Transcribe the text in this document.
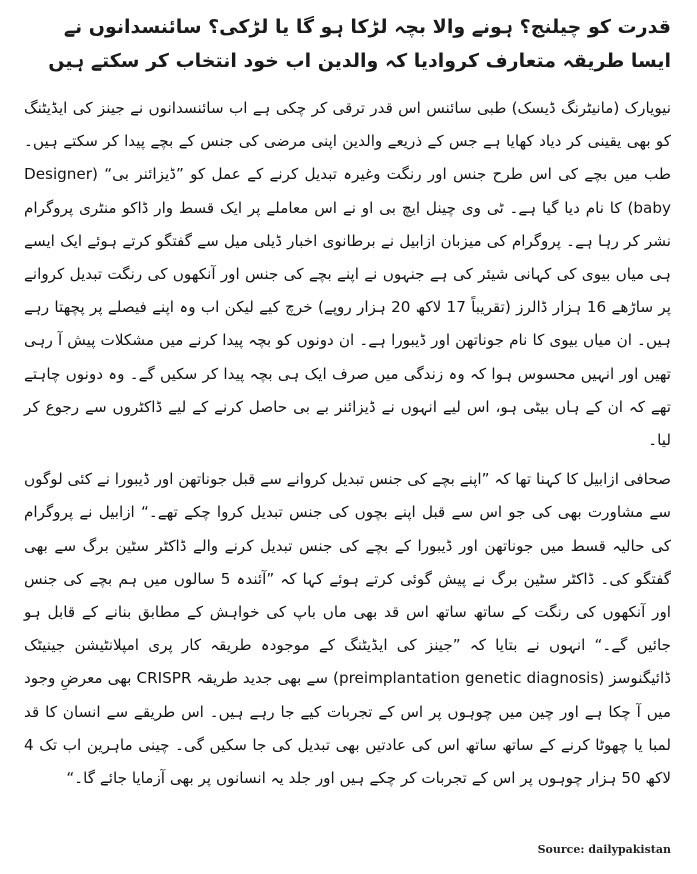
قدرت کو چیلنج؟ ہونے والا بچہ لڑکا ہو گا یا لڑکی؟ سائنسدانوں نے ایسا طریقہ متعارف کروادیا کہ والدین اب خود انتخاب کر سکتے ہیں

نیویارک (مانیٹرنگ ڈیسک) طبی سائنس اس قدر ترقی کر چکی ہے اب سائنسدانوں نے جینز کی ایڈیٹنگ کو بھی یقینی کر دیاد کھایا ہے جس کے ذریعے والدین اپنی مرضی کی جنس کے بچے پیدا کر سکتے ہیں۔ طب میں بچے کی اس طرح جنس اور رنگت وغیرہ تبدیل کرنے کے عمل کو ”ڈیزائنر بی“ (Designer baby) کا نام دیا گیا ہے۔ ٹی وی چینل ایچ بی او نے اس معاملے پر ایک قسط وار ڈاکو منٹری پروگرام نشر کر رہا ہے۔ پروگرام کی میزبان ازابیل نے برطانوی اخبار ڈیلی میل سے گفتگو کرتے ہوئے ایک ایسے ہی میاں بیوی کی کہانی شیئر کی ہے جنہوں نے اپنے بچے کی جنس اور آنکھوں کی رنگت تبدیل کروانے پر ساڑھے 16 ہزار ڈالرز (تقریباً 17 لاکھ 20 ہزار روپے) خرچ کیے لیکن اب وہ اپنے فیصلے پر پچھتا رہے ہیں۔ ان میاں بیوی کا نام جوناتھن اور ڈیبورا ہے۔ ان دونوں کو بچہ پیدا کرنے میں مشکلات پیش آ رہی تھیں اور انہیں محسوس ہوا کہ وہ زندگی میں صرف ایک ہی بچہ پیدا کر سکیں گے۔ وہ دونوں چاہتے تھے کہ ان کے ہاں بیٹی ہو، اس لیے انہوں نے ڈیزائنر بے بی حاصل کرنے کے لیے ڈاکٹروں سے رجوع کر لیا۔

صحافی ازابیل کا کہنا تھا کہ ”اپنے بچے کی جنس تبدیل کروانے سے قبل جوناتھن اور ڈیبورا نے کئی لوگوں سے مشاورت بھی کی جو اس سے قبل اپنے بچوں کی جنس تبدیل کروا چکے تھے۔“ ازابیل نے پروگرام کی حالیہ قسط میں جوناتھن اور ڈیبورا کے بچے کی جنس تبدیل کرنے والے ڈاکٹر سٹین برگ سے بھی گفتگو کی۔ ڈاکٹر سٹین برگ نے پیش گوئی کرتے ہوئے کہا کہ ”آئندہ 5 سالوں میں ہم بچے کی جنس اور آنکھوں کی رنگت کے ساتھ ساتھ اس قد بھی ماں باپ کی خواہش کے مطابق بنانے کے قابل ہو جائیں گے۔“ انہوں نے بتایا کہ ”جینز کی ایڈیٹنگ کے موجودہ طریقہ کار پری امپلانٹیشن جینیٹک ڈائیگنوسز (preimplantation genetic diagnosis) سے بھی جدید طریقہ CRISPR بھی معرضِ وجود میں آ چکا ہے اور چین میں چوہوں پر اس کے تجربات کیے جا رہے ہیں۔ اس طریقے سے انسان کا قد لمبا یا چھوٹا کرنے کے ساتھ ساتھ اس کی عادتیں بھی تبدیل کی جا سکیں گی۔ چینی ماہرین اب تک 4 لاکھ 50 ہزار چوہوں پر اس کے تجربات کر چکے ہیں اور جلد یہ انسانوں پر بھی آزمایا جائے گا۔“

Source: dailypakistan
